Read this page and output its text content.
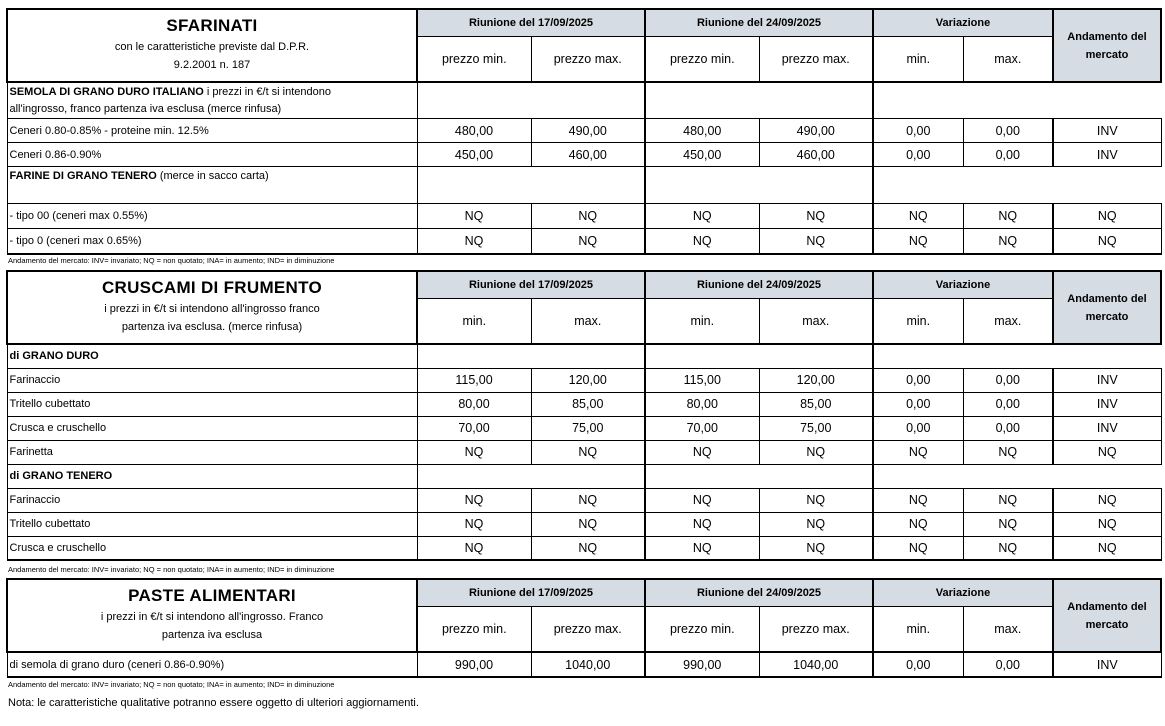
SFARINATI
con le caratteristiche previste dal D.P.R.
9.2.2001 n. 187	Riunione del 17/09/2025		Riunione del 24/09/2025		Variazione		Andamento del mercato
	prezzo min.	prezzo max.	prezzo min.	prezzo max.	min.	max.	

SEMOLA DI GRANO DURO ITALIANO i prezzi in €/t si intendono
all'ingrosso, franco partenza iva esclusa (merce rinfusa)							

Ceneri 0.80-0.85% - proteine min. 12.5%	480,00	490,00	480,00	490,00	0,00	0,00	INV
Ceneri 0.86-0.90%	450,00	460,00	450,00	460,00	0,00	0,00	INV
FARINE DI GRANO TENERO (merce in sacco carta)							
- tipo 00 (ceneri max 0.55%)	NQ	NQ	NQ	NQ	NQ	NQ	NQ
- tipo 0 (ceneri max 0.65%)	NQ	NQ	NQ	NQ	NQ	NQ	NQ
Andamento del mercato: INV= invariato; NQ = non quotato; INA= in aumento; IND= in diminuzione
CRUSCAMI DI FRUMENTO
i prezzi in €/t si intendono all'ingrosso franco
partenza iva esclusa. (merce rinfusa)	Riunione del 17/09/2025		Riunione del 24/09/2025		Variazione		Andamento del mercato
	min.	max.	min.	max.	min.	max.	
di GRANO DURO							
Farinaccio	115,00	120,00	115,00	120,00	0,00	0,00	INV
Tritello cubettato	80,00	85,00	80,00	85,00	0,00	0,00	INV
Crusca e cruschello	70,00	75,00	70,00	75,00	0,00	0,00	INV
Farinetta	NQ	NQ	NQ	NQ	NQ	NQ	NQ
di GRANO TENERO							
Farinaccio	NQ	NQ	NQ	NQ	NQ	NQ	NQ
Tritello cubettato	NQ	NQ	NQ	NQ	NQ	NQ	NQ
Crusca e cruschello	NQ	NQ	NQ	NQ	NQ	NQ	NQ
Andamento del mercato: INV= invariato; NQ = non quotato; INA= in aumento; IND= in diminuzione
PASTE ALIMENTARI
i prezzi in €/t si intendono all'ingrosso. Franco
partenza iva esclusa	Riunione del 17/09/2025		Riunione del 24/09/2025		Variazione		Andamento del mercato
	prezzo min.	prezzo max.	prezzo min.	prezzo max.	min.	max.	
di semola di grano duro (ceneri 0.86-0.90%)	990,00	1040,00	990,00	1040,00	0,00	0,00	INV
Andamento del mercato: INV= invariato; NQ = non quotato; INA= in aumento; IND= in diminuzione
Nota: le caratteristiche qualitative potranno essere oggetto di ulteriori aggiornamenti.
